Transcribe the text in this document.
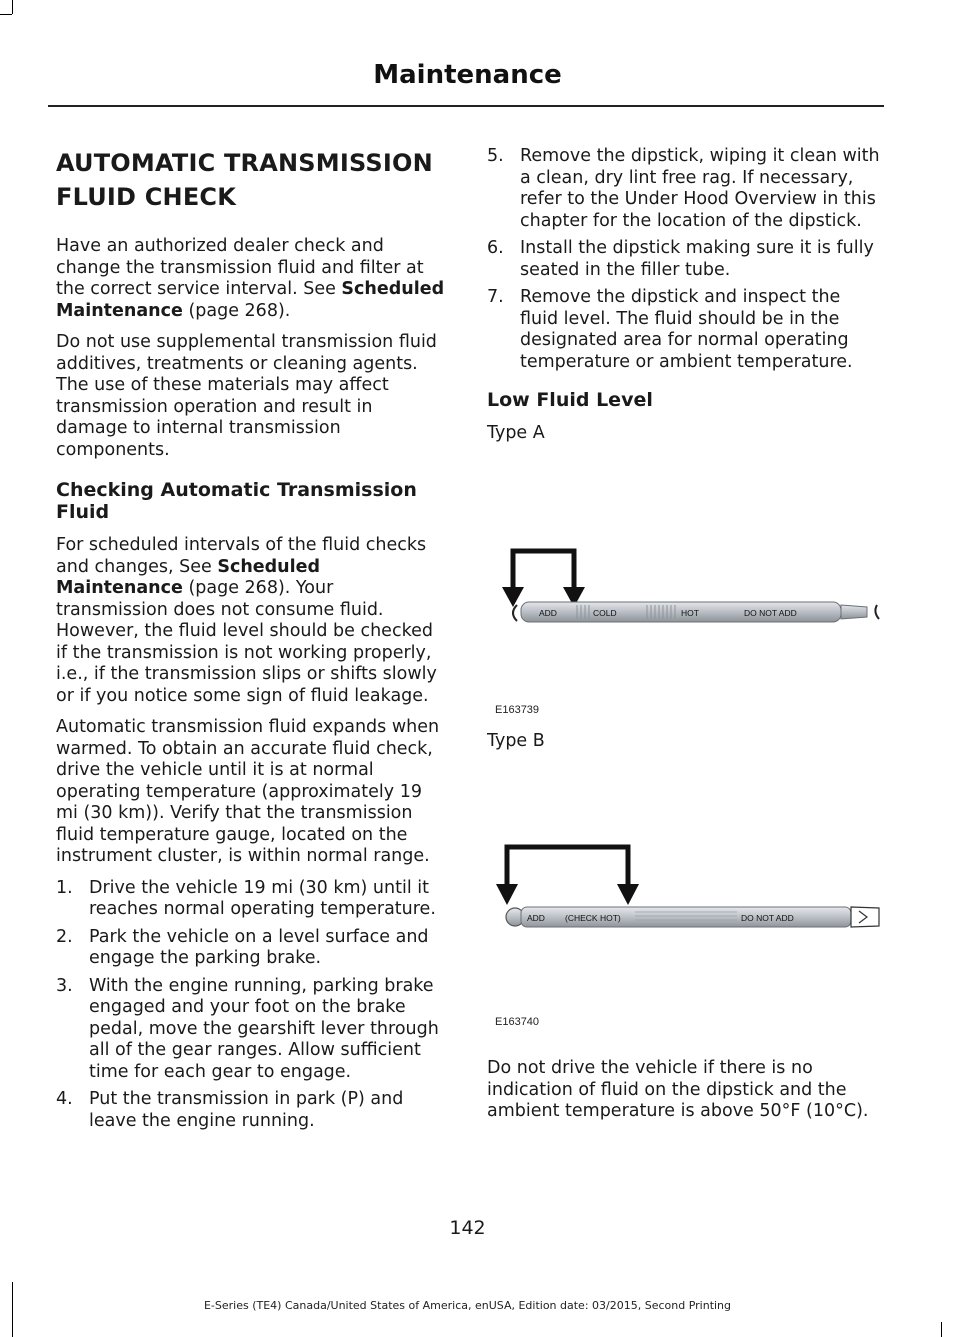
Maintenance
AUTOMATIC TRANSMISSION FLUID CHECK

Have an authorized dealer check and change the transmission fluid and filter at the correct service interval. See Scheduled Maintenance (page 268).

Do not use supplemental transmission fluid additives, treatments or cleaning agents. The use of these materials may affect transmission operation and result in damage to internal transmission components.

Checking Automatic Transmission Fluid

For scheduled intervals of the fluid checks and changes, See Scheduled Maintenance (page 268). Your transmission does not consume fluid. However, the fluid level should be checked if the transmission is not working properly, i.e., if the transmission slips or shifts slowly or if you notice some sign of fluid leakage.

Automatic transmission fluid expands when warmed. To obtain an accurate fluid check, drive the vehicle until it is at normal operating temperature (approximately 19 mi (30 km)). Verify that the transmission fluid temperature gauge, located on the instrument cluster, is within normal range.

1. Drive the vehicle 19 mi (30 km) until it reaches normal operating temperature.
2. Park the vehicle on a level surface and engage the parking brake.
3. With the engine running, parking brake engaged and your foot on the brake pedal, move the gearshift lever through all of the gear ranges. Allow sufficient time for each gear to engage.
4. Put the transmission in park (P) and leave the engine running.
5. Remove the dipstick, wiping it clean with a clean, dry lint free rag. If necessary, refer to the Under Hood Overview in this chapter for the location of the dipstick.
6. Install the dipstick making sure it is fully seated in the filler tube.
7. Remove the dipstick and inspect the fluid level. The fluid should be in the designated area for normal operating temperature or ambient temperature.
Low Fluid Level

Type A

ADD	COLD	HOT	DO NOT ADD
E163739

Type B

ADD (CHECK HOT)	DO NOT ADD
E163740

Do not drive the vehicle if there is no indication of fluid on the dipstick and the ambient temperature is above 50°F (10°C).

142
E-Series (TE4) Canada/United States of America, enUSA, Edition date: 03/2015, Second Printing
